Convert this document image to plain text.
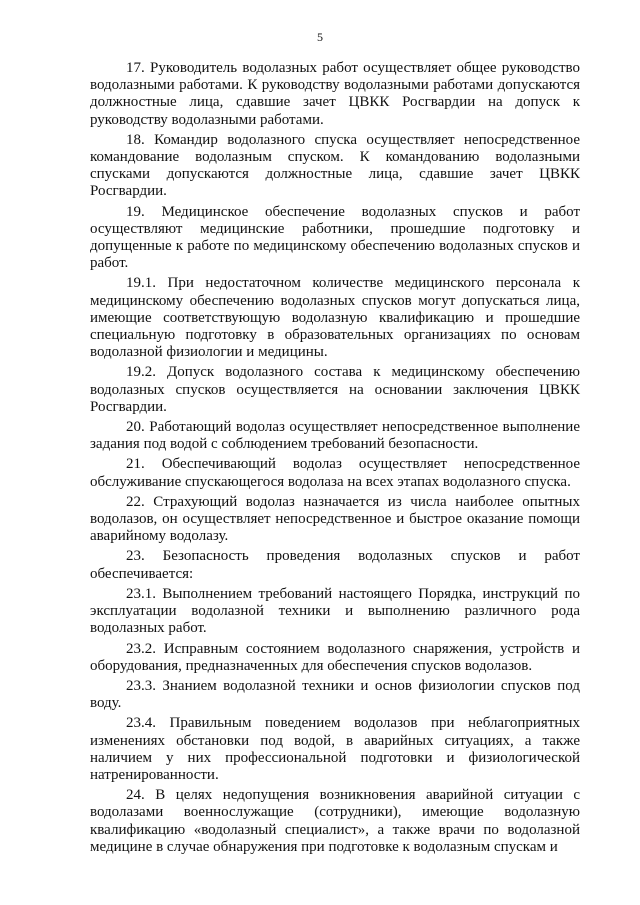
5

17. Руководитель водолазных работ осуществляет общее руководство водолазными работами. К руководству водолазными работами допускаются должностные лица, сдавшие зачет ЦВКК Росгвардии на допуск к руководству водолазными работами.

18. Командир водолазного спуска осуществляет непосредственное командование водолазным спуском. К командованию водолазными спусками допускаются должностные лица, сдавшие зачет ЦВКК Росгвардии.

19. Медицинское обеспечение водолазных спусков и работ осуществляют медицинские работники, прошедшие подготовку и допущенные к работе по медицинскому обеспечению водолазных спусков и работ.

19.1. При недостаточном количестве медицинского персонала к медицинскому обеспечению водолазных спусков могут допускаться лица, имеющие соответствующую водолазную квалификацию и прошедшие специальную подготовку в образовательных организациях по основам водолазной физиологии и медицины.

19.2. Допуск водолазного состава к медицинскому обеспечению водолазных спусков осуществляется на основании заключения ЦВКК Росгвардии.

20. Работающий водолаз осуществляет непосредственное выполнение задания под водой с соблюдением требований безопасности.

21. Обеспечивающий водолаз осуществляет непосредственное обслуживание спускающегося водолаза на всех этапах водолазного спуска.

22. Страхующий водолаз назначается из числа наиболее опытных водолазов, он осуществляет непосредственное и быстрое оказание помощи аварийному водолазу.

23. Безопасность проведения водолазных спусков и работ обеспечивается:

23.1. Выполнением требований настоящего Порядка, инструкций по эксплуатации водолазной техники и выполнению различного рода водолазных работ.

23.2. Исправным состоянием водолазного снаряжения, устройств и оборудования, предназначенных для обеспечения спусков водолазов.

23.3. Знанием водолазной техники и основ физиологии спусков под воду.

23.4. Правильным поведением водолазов при неблагоприятных изменениях обстановки под водой, в аварийных ситуациях, а также наличием у них профессиональной подготовки и физиологической натренированности.

24. В целях недопущения возникновения аварийной ситуации с водолазами военнослужащие (сотрудники), имеющие водолазную квалификацию «водолазный специалист», а также врачи по водолазной медицине в случае обнаружения при подготовке к водолазным спускам и
